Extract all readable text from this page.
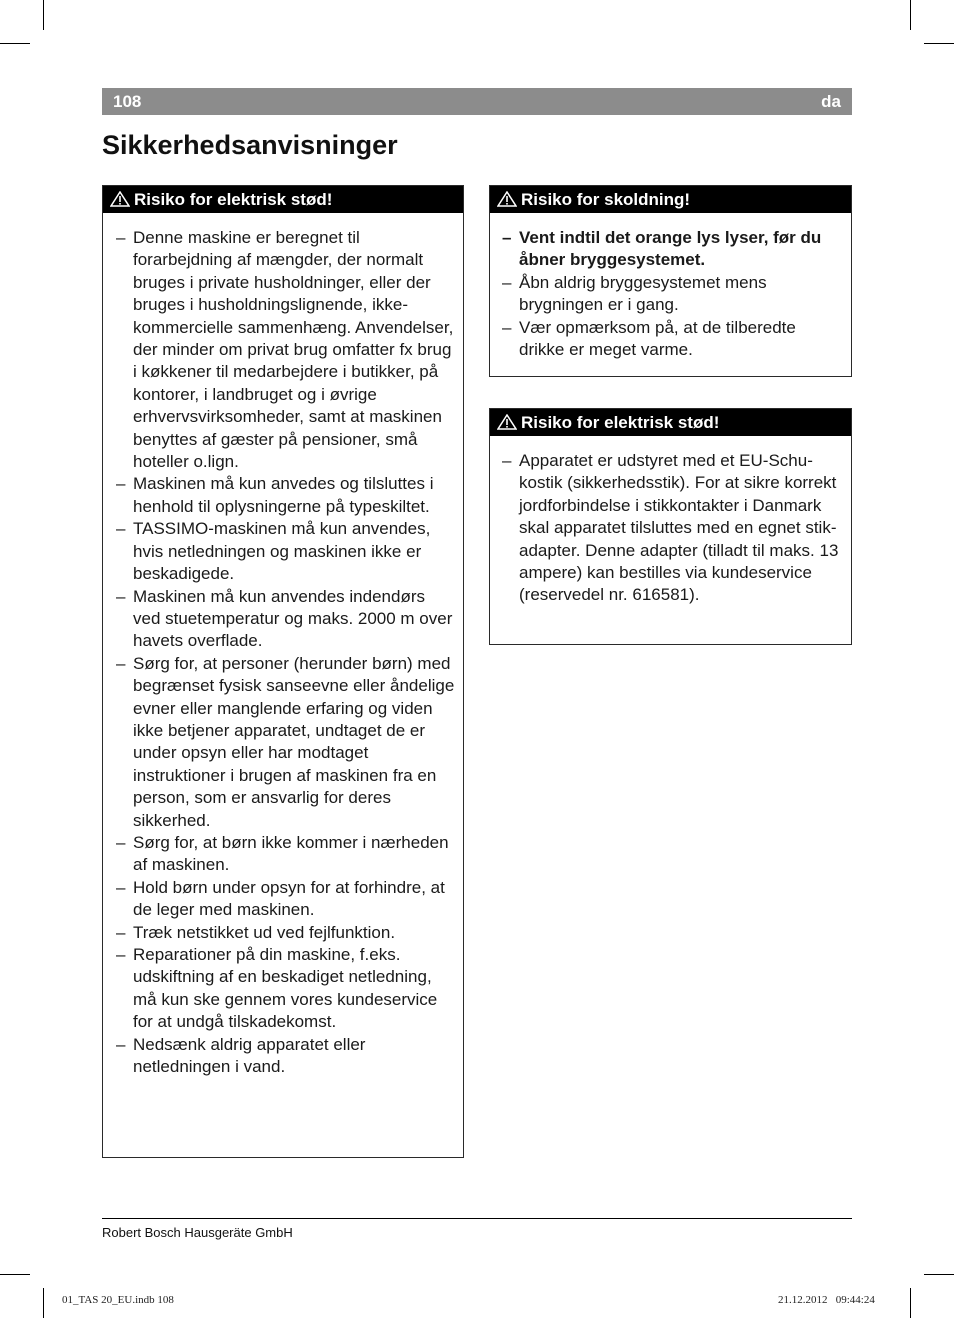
108	da
Sikkerhedsanvisninger
Risiko for elektrisk stød!
– Denne maskine er beregnet til forarbejdning af mængder, der normalt bruges i private husholdninger, eller der bruges i husholdningslignende, ikke-kommercielle sammenhæng. Anvendelser, der minder om privat brug omfatter fx brug i køkkener til medarbejdere i butikker, på kontorer, i landbruget og i øvrige erhvervsvirksomheder, samt at maskinen benyttes af gæster på pensioner, små hoteller o.lign.
– Maskinen må kun anvedes og tilsluttes i henhold til oplysningerne på typeskiltet.
– TASSIMO-maskinen må kun anvendes, hvis netledningen og maskinen ikke er beskadigede.
– Maskinen må kun anvendes indendørs ved stuetemperatur og maks. 2000 m over havets overflade.
– Sørg for, at personer (herunder børn) med begrænset fysisk sanseevne eller åndelige evner eller manglende erfaring og viden ikke betjener apparatet, undtaget de er under opsyn eller har modtaget instruktioner i brugen af maskinen fra en person, som er ansvarlig for deres sikkerhed.
– Sørg for, at børn ikke kommer i nærheden af maskinen.
– Hold børn under opsyn for at forhindre, at de leger med maskinen.
– Træk netstikket ud ved fejlfunktion.
– Reparationer på din maskine, f.eks. udskiftning af en beskadiget netledning, må kun ske gennem vores kundeservice for at undgå tilskadekomst.
– Nedsænk aldrig apparatet eller netledningen i vand.
Risiko for skoldning!
– Vent indtil det orange lys lyser, før du åbner bryggesystemet.
– Åbn aldrig bryggesystemet mens brygningen er i gang.
– Vær opmærksom på, at de tilberedte drikke er meget varme.
Risiko for elektrisk stød!
– Apparatet er udstyret med et EU-Schukostik (sikkerhedsstik). For at sikre korrekt jordforbindelse i stikkontakter i Danmark skal apparatet tilsluttes med en egnet stik-adapter. Denne adapter (tilladt til maks. 13 ampere) kan bestilles via kundeservice (reservedel nr. 616581).
Robert Bosch Hausgeräte GmbH
01_TAS 20_EU.indb 108	21.12.2012   09:44:24
